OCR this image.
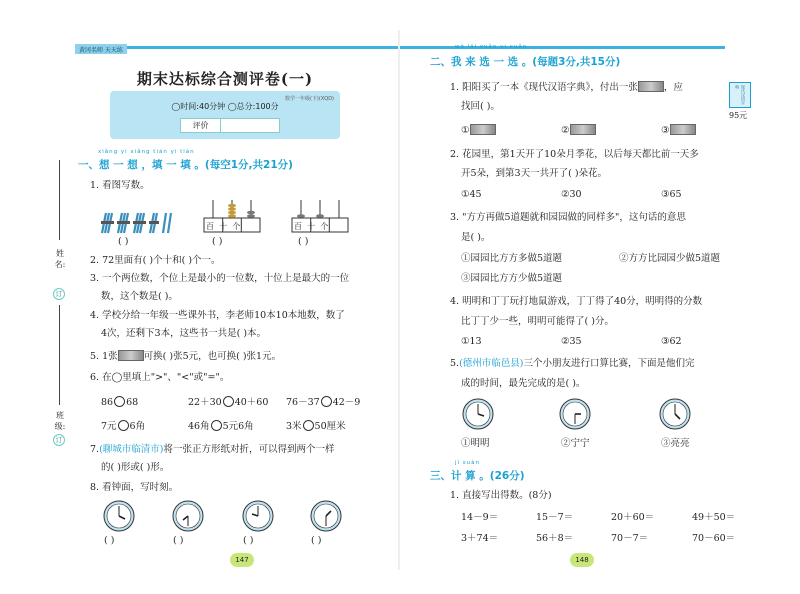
黄冈名师 天天练
姓名:
订
班级:
订
期末达标综合测评卷(一)
数学一年级(下)(XQD)
◯时间:40分钟 ◯总分:100分
评价
xiǎng yi xiǎng tián yi tián
一、想 一 想 ，填 一 填 。(每空1分,共21分)
1. 看图写数。
( )
百 十 个
( )
百 十 个
( )
2. 72里面有( )个十和( )个一。
3. 一个两位数，个位上是最小的一位数，十位上是最大的一位
数，这个数是( )。
4. 学校分给一年级一些课外书，李老师10本10本地数，数了
4次，还剩下3本，这些书一共是( )本。
5. 1张	可换( )张5元，也可换( )张1元。
6. 在◯里填上">"、"<"或"="。
86 68	22＋30 40＋60 76－37 42－9
7元 6角	46角 5元6角	3米 50厘米
7.(聊城市临清市)将一张正方形纸对折，可以得到两个一样
的( )形或( )形。
8. 看钟面，写时刻。
( )	( )	( )	( )
147
wǒ lái xuǎn yi xuǎn
二、我 来 选 一 选 。(每题3分,共15分)
1. 阳阳买了一本《现代汉语字典》，付出一张	，应	现代汉语字典
95元
找回( )。
①	②	③
2. 花园里，第1天开了10朵月季花，以后每天都比前一天多
开5朵，到第3天一共开了( )朵花。
①45	②30	③65
3. "方方再做5道题就和园园做的同样多"，这句话的意思
是( )。
①园园比方方多做5道题	②方方比园园少做5道题
③园园比方方少做5道题
4. 明明和丁丁玩打地鼠游戏，丁丁得了40分，明明得的分数
比丁丁少一些，明明可能得了( )分。
①13	②35	③62
5.(德州市临邑县)三个小朋友进行口算比赛，下面是他们完
成的时间，最先完成的是( )。
①明明	②宁宁	③亮亮
jì suàn
三、计 算 。(26分)
1. 直接写出得数。(8分)
14－9＝	15－7＝	20＋60＝	49＋50＝
3＋74＝	56＋8＝	70－7＝	70－60＝
148
